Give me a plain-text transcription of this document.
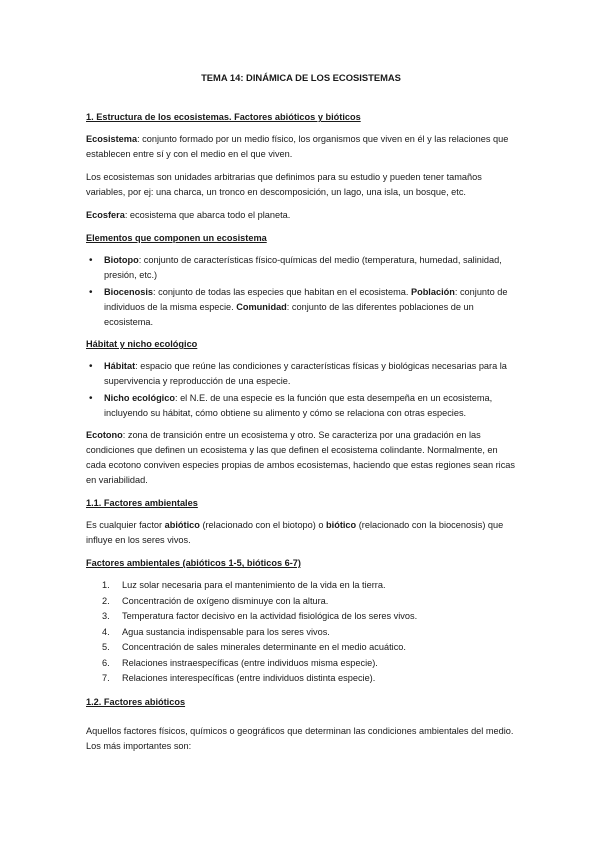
TEMA 14: DINÁMICA DE LOS ECOSISTEMAS
1. Estructura de los ecosistemas. Factores abióticos y bióticos

Ecosistema: conjunto formado por un medio físico, los organismos que viven en él y las relaciones que establecen entre sí y con el medio en el que viven.

Los ecosistemas son unidades arbitrarias que definimos para su estudio y pueden tener tamaños variables, por ej: una charca, un tronco en descomposición, un lago, una isla, un bosque, etc.

Ecosfera: ecosistema que abarca todo el planeta.

Elementos que componen un ecosistema
• Biotopo: conjunto de características físico-químicas del medio (temperatura, humedad, salinidad, presión, etc.)
• Biocenosis: conjunto de todas las especies que habitan en el ecosistema. Población: conjunto de individuos de la misma especie. Comunidad: conjunto de las diferentes poblaciones de un ecosistema.
Hábitat y nicho ecológico
• Hábitat: espacio que reúne las condiciones y características físicas y biológicas necesarias para la supervivencia y reproducción de una especie.
• Nicho ecológico: el N.E. de una especie es la función que esta desempeña en un ecosistema, incluyendo su hábitat, cómo obtiene su alimento y cómo se relaciona con otras especies.

Ecotono: zona de transición entre un ecosistema y otro. Se caracteriza por una gradación en las condiciones que definen un ecosistema y las que definen el ecosistema colindante. Normalmente, en cada ecotono conviven especies propias de ambos ecosistemas, haciendo que estas regiones sean ricas en variabilidad.

1.1. Factores ambientales

Es cualquier factor abiótico (relacionado con el biotopo) o biótico (relacionado con la biocenosis) que influye en los seres vivos.

Factores ambientales (abióticos 1-5, bióticos 6-7)
1. Luz solar necesaria para el mantenimiento de la vida en la tierra.
2. Concentración de oxígeno disminuye con la altura.
3. Temperatura factor decisivo en la actividad fisiológica de los seres vivos.
4. Agua sustancia indispensable para los seres vivos.
5. Concentración de sales minerales determinante en el medio acuático.
6. Relaciones instraespecíficas (entre individuos misma especie).
7. Relaciones interespecíficas (entre individuos distinta especie).
1.2. Factores abióticos

Aquellos factores físicos, químicos o geográficos que determinan las condiciones ambientales del medio. Los más importantes son:
